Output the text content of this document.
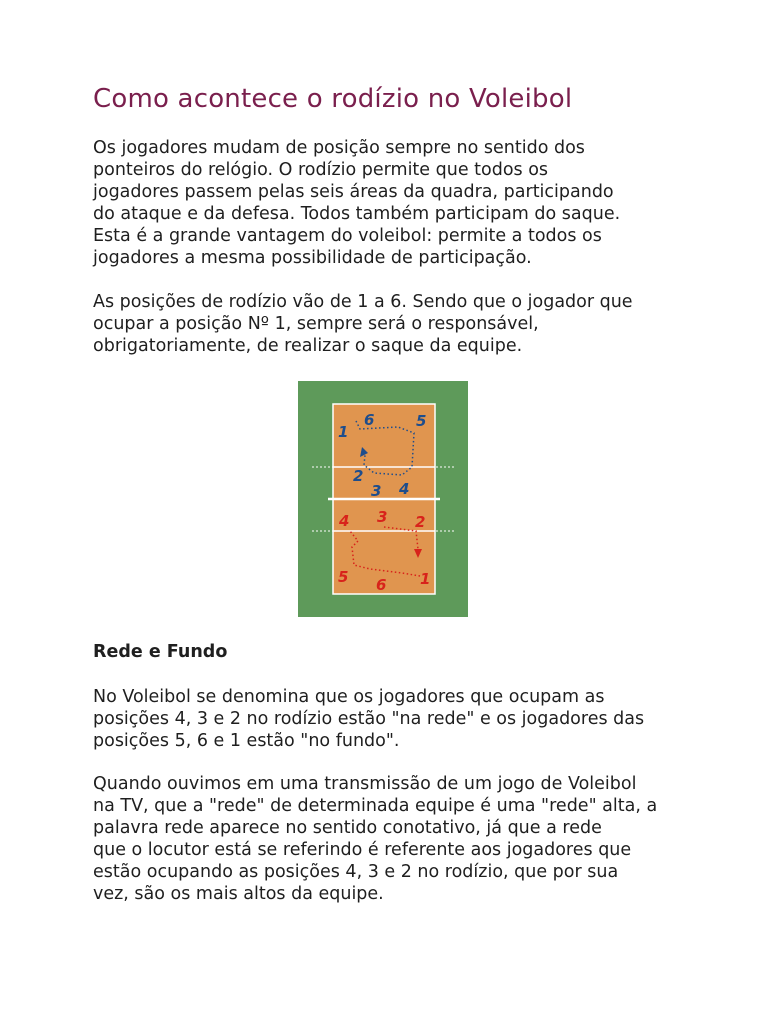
Como acontece o rodízio no Voleibol
Os jogadores mudam de posição sempre no sentido dos
ponteiros do relógio. O rodízio permite que todos os
jogadores passem pelas seis áreas da quadra, participando
do ataque e da defesa. Todos também participam do saque.
Esta é a grande vantagem do voleibol: permite a todos os
jogadores a mesma possibilidade de participação.
As posições de rodízio vão de 1 a 6. Sendo que o jogador que
ocupar a posição Nº 1, sempre será o responsável,
obrigatoriamente, de realizar o saque da equipe.
1
6	5
2
3 4
4 3 2
5 6 1
Rede e Fundo
No Voleibol se denomina que os jogadores que ocupam as
posições 4, 3 e 2 no rodízio estão "na rede" e os jogadores das
posições 5, 6 e 1 estão "no fundo".
Quando ouvimos em uma transmissão de um jogo de Voleibol
na TV, que a "rede" de determinada equipe é uma "rede" alta, a
palavra rede aparece no sentido conotativo, já que a rede
que o locutor está se referindo é referente aos jogadores que
estão ocupando as posições 4, 3 e 2 no rodízio, que por sua
vez, são os mais altos da equipe.
